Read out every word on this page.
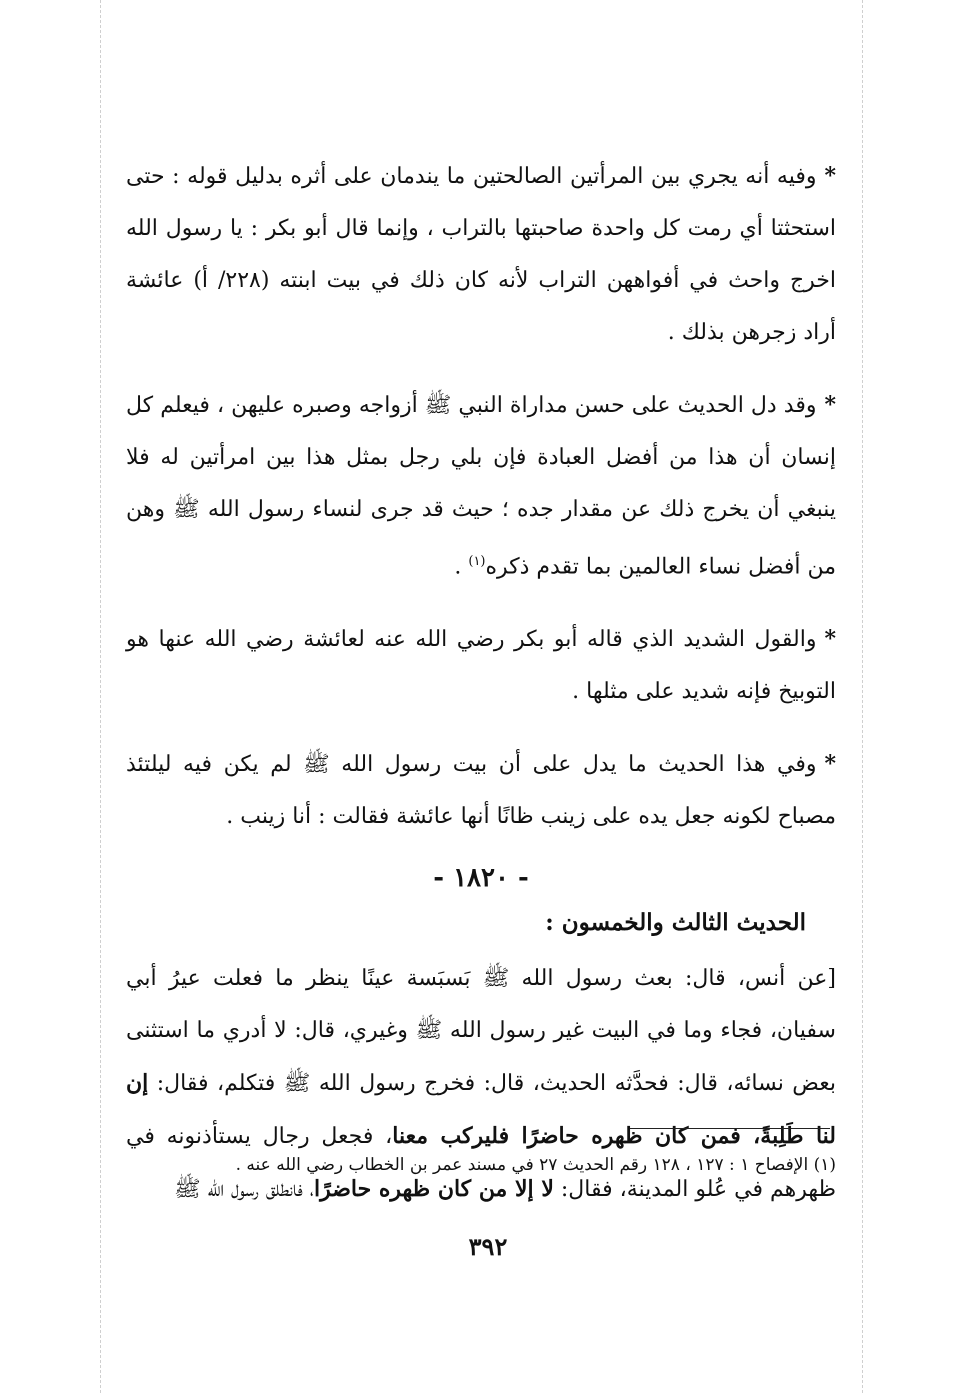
*وفيه أنه يجري بين المرأتين الصالحتين ما يندمان على أثره بدليل قوله : حتى استحثتا أي رمت كل واحدة صاحبتها بالتراب ، وإنما قال أبو بكر : يا رسول الله اخرج واحث في أفواههن التراب لأنه كان ذلك في بيت ابنته (٢٢٨/ أ) عائشة أراد زجرهن بذلك .

*وقد دل الحديث على حسن مداراة النبي ﷺ أزواجه وصبره عليهن ، فيعلم كل إنسان أن هذا من أفضل العبادة فإن بلي رجل بمثل هذا بين امرأتين له فلا ينبغي أن يخرج ذلك عن مقدار جده ؛ حيث قد جرى لنساء رسول الله ﷺ وهن من أفضل نساء العالمين بما تقدم ذكره$^{(١)}$ .

*والقول الشديد الذي قاله أبو بكر رضي الله عنه لعائشة رضي الله عنها هو التوبيخ فإنه شديد على مثلها .

*وفي هذا الحديث ما يدل على أن بيت رسول الله ﷺ لم يكن فيه ليلتئذ مصباح لكونه جعل يده على زينب ظانًا أنها عائشة فقالت : أنا زينب .

- ١٨٢٠ -
الحديث الثالث والخمسون :

[عن أنس، قال: بعث رسول الله ﷺ بَسبَسة عينًا ينظر ما فعلت عيرُ أبي سفيان، فجاء وما في البيت غير رسول الله ﷺ وغيري، قال: لا أدري ما استثنى بعض نسائه، قال: فحدَّثه الحديث، قال: فخرج رسول الله ﷺ فتكلم، فقال: إن لنا طَلِبةً، فمن كان ظهره حاضرًا فليركب معنا، فجعل رجال يستأذنونه في ظهرهم في عُلو المدينة، فقال: لا إلا من كان ظهره حاضرًا، فانطلق رسول الله ﷺ

(١) الإفصاح ١ : ١٢٧ ، ١٢٨ رقم الحديث ٢٧ في مسند عمر بن الخطاب رضي الله عنه .
٣٩٢
